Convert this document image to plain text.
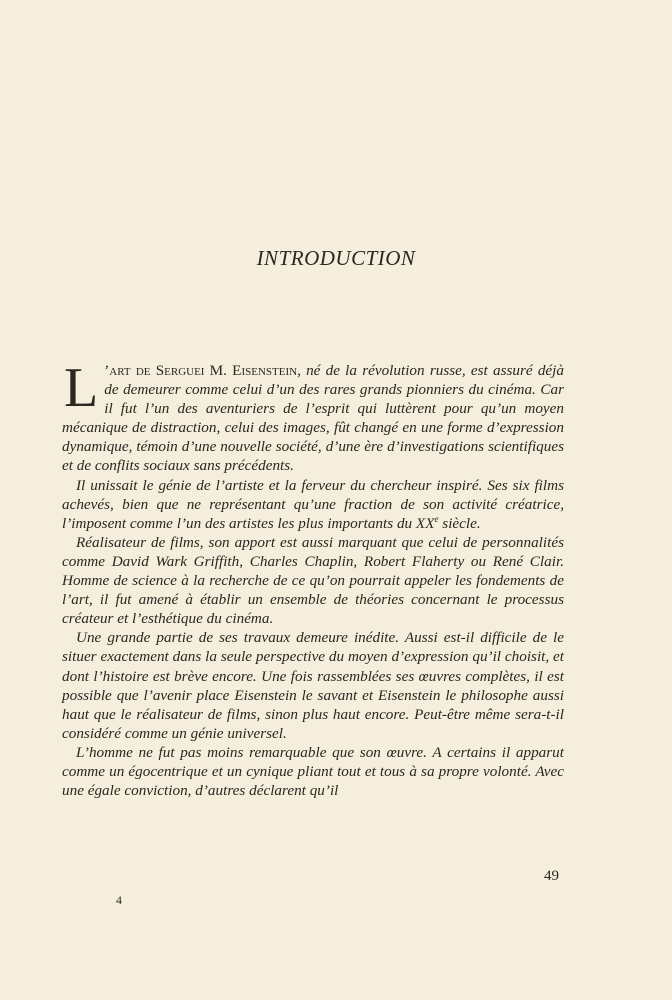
INTRODUCTION

L ’art de Serguei M. Eisenstein, né de la révolution russe, est assuré déjà de demeurer comme celui d’un des rares grands pionniers du cinéma. Car il fut l’un des aventuriers de l’esprit qui luttèrent pour qu’un moyen mécanique de distraction, celui des images, fût changé en une forme d’expression dynamique, témoin d’une nouvelle société, d’une ère d’investigations scientifiques et de conflits sociaux sans précédents.

Il unissait le génie de l’artiste et la ferveur du chercheur inspiré. Ses six films achevés, bien que ne représentant qu’une fraction de son activité créatrice, l’imposent comme l’un des artistes les plus importants du XXe siècle.

Réalisateur de films, son apport est aussi marquant que celui de personnalités comme David Wark Griffith, Charles Chaplin, Robert Flaherty ou René Clair. Homme de science à la recherche de ce qu’on pourrait appeler les fondements de l’art, il fut amené à établir un ensemble de théories concernant le processus créateur et l’esthétique du cinéma.

Une grande partie de ses travaux demeure inédite. Aussi est-il difficile de le situer exactement dans la seule perspective du moyen d’expression qu’il choisit, et dont l’histoire est brève encore. Une fois rassemblées ses œuvres complètes, il est possible que l’avenir place Eisenstein le savant et Eisenstein le philosophe aussi haut que le réalisateur de films, sinon plus haut encore. Peut-être même sera-t-il considéré comme un génie universel.

L’homme ne fut pas moins remarquable que son œuvre. A certains il apparut comme un égocentrique et un cynique pliant tout et tous à sa propre volonté. Avec une égale conviction, d’autres déclarent qu’il

49
4
